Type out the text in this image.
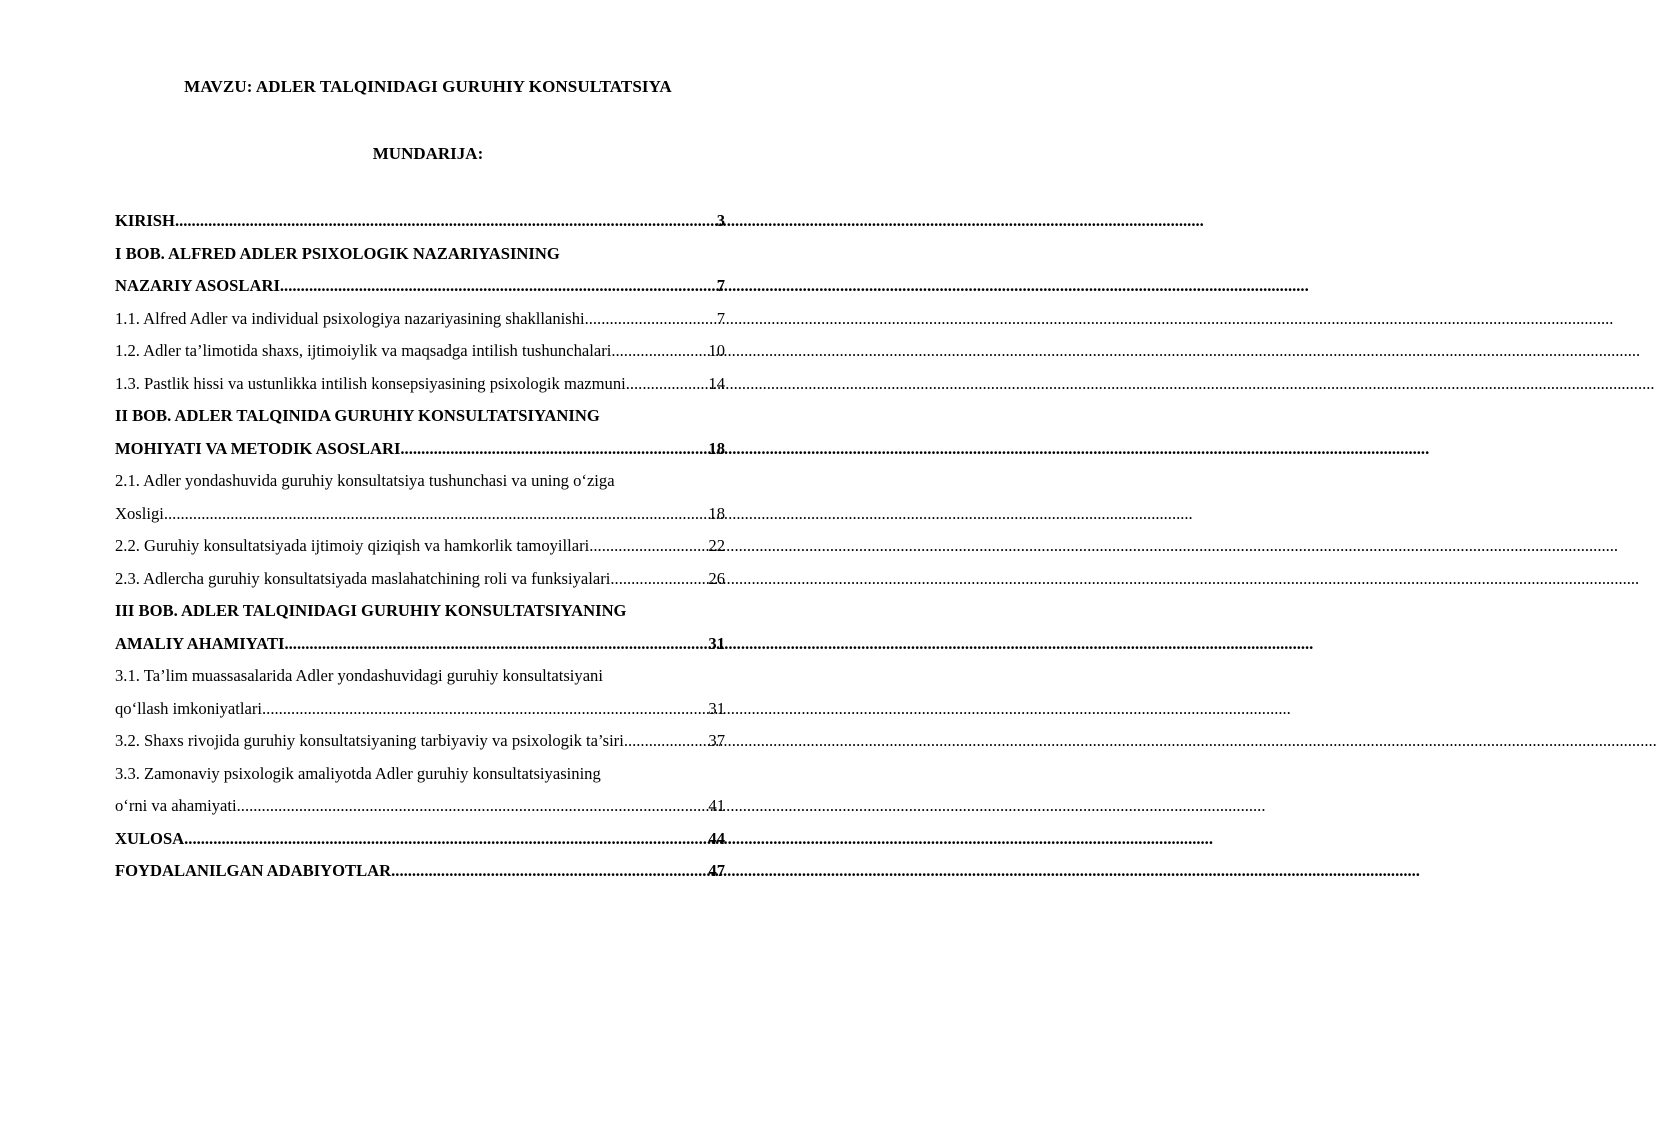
MAVZU: ADLER TALQINIDAGI GURUHIY KONSULTATSIYA
MUNDARIJA:
KIRISH .....	3
I BOB. ALFRED ADLER PSIXOLOGIK NAZARIYASINING
NAZARIY ASOSLARI .....	7
1.1. Alfred Adler va individual psixologiya nazariyasining shakllanishi .....	7
1.2. Adler ta’limotida shaxs, ijtimoiylik va maqsadga intilish tushunchalari .....	10
1.3. Pastlik hissi va ustunlikka intilish konsepsiyasining psixologik mazmuni .....	14
II BOB. ADLER TALQINIDA GURUHIY KONSULTATSIYANING
MOHIYATI VA METODIK ASOSLARI .....	18
2.1. Adler yondashuvida guruhiy konsultatsiya tushunchasi va uning o‘ziga
Xosligi .....	18
2.2. Guruhiy konsultatsiyada ijtimoiy qiziqish va hamkorlik tamoyillari .....	22
2.3. Adlercha guruhiy konsultatsiyada maslahatchining roli va funksiyalari .....	26
III BOB. ADLER TALQINIDAGI GURUHIY KONSULTATSIYANING
AMALIY AHAMIYATI .....	31
3.1. Ta’lim muassasalarida Adler yondashuvidagi guruhiy konsultatsiyani
qo‘llash imkoniyatlari .....	31
3.2. Shaxs rivojida guruhiy konsultatsiyaning tarbiyaviy va psixologik ta’siri. .....	37
3.3. Zamonaviy psixologik amaliyotda Adler guruhiy konsultatsiyasining
o‘rni va ahamiyati .....	41
XULOSA .....	44
FOYDALANILGAN ADABIYOTLAR .....	47
